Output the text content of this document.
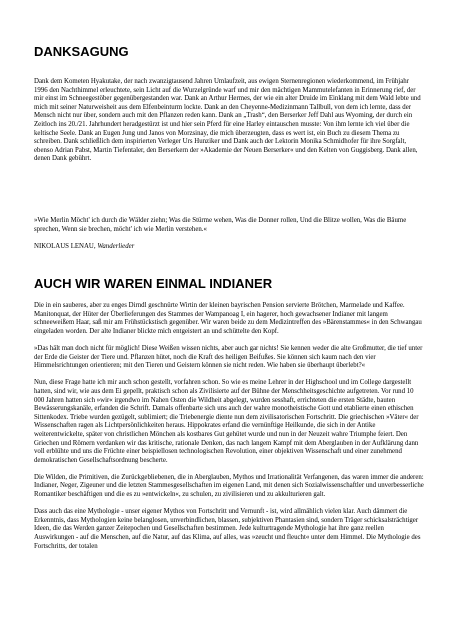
DANKSAGUNG

Dank dem Kometen Hyakutake, der nach zwanzigtausend Jahren Umlaufzeit, aus ewigen Sternenregionen wiederkommend, im Frühjahr 1996 den Nachthimmel erleuchtete, sein Licht auf die Wurzelgründe warf und mir den mächtigen Mammutelefanten in Erinnerung rief, der mir einst im Schneegestöber gegenübergestanden war. Dank an Arthur Hermes, der wie ein alter Druide im Einklang mit dem Wald lebte und mich mit seiner Naturweisheit aus dem Elfenbeinturm lockte. Dank an den Cheyenne-Medizinmann Tallbull, von dem ich lernte, dass der Mensch nicht nur über, sondern auch mit den Pflanzen reden kann. Dank an „Trash“, den Berserker Jeff Dahl aus Wyoming, der durch ein Zeitloch ins 20./21. Jahrhundert heradgestürzt ist und hier sein Pferd für eine Harley eintauschen musste: Von ihm lernte ich viel über die keltische Seele. Dank an Eugen Jung und Janos von Morzsinay, die mich überzeugten, dass es wert ist, ein Buch zu diesem Thema zu schreiben. Dank schließlich dem inspirierten Verleger Urs Hunziker und Dank auch der Lektorin Monika Schmidhofer für ihre Sorgfalt, ebenso Adrian Pabst, Martin Tiefentaler, den Berserkern der »Akademie der Neuen Berserker« und den Kelten von Guggisberg. Dank allen, denen Dank gebührt.

»Wie Merlin Möcht' ich durch die Wälder ziehn; Was die Stürme wehen, Was die Donner rollen, Und die Blitze wollen, Was die Bäume sprechen, Wenn sie brechen, möcht' ich wie Merlin verstehen.«

NIKOLAUS LENAU, Wanderlieder

AUCH WIR WAREN EINMAL INDIANER

Die in ein sauberes, aber zu enges Dirndl geschnürte Wirtin der kleinen bayrischen Pension servierte Brötchen, Marmelade und Kaffee. Manitonquat, der Hüter der Überlieferungen des Stammes der Wampanoag I, ein hagerer, hoch gewachsener Indianer mit langem schneeweißem Haar, saß mir am Frühstückstisch gegenüber. Wir waren beide zu dem Medizintreffen des »Bärenstammes« in den Schwangau eingeladen worden. Der alte Indianer blickte mich entgeistert an und schüttelte den Kopf.

»Das hält man doch nicht für möglich! Diese Weißen wissen nichts, aber auch gar nichts! Sie kennen weder die alte Großmutter, die tief unter der Erde die Geister der Tiere und. Pflanzen hütet, noch die Kraft des heiligen Beifußes. Sie können sich kaum nach den vier Himmelsrichtungen orientieren; mit den Tieren und Geistern können sie nicht reden. Wie haben sie überhaupt überlebt?«

Nun, diese Frage hatte ich mir auch schon gestellt, vorfahren schon. So wie es meine Lehrer in der Highschool und im College dargestellt hatten, sind wir, wie aus dem Ei gepellt, praktisch schon als Zivilisierte auf der Bühne der Menschheitsgeschichte aufgetreten. Vor rund 10 000 Jahren hatten sich »wir« irgendwo im Nahen Osten die Wildheit abgelegt, wurden sesshaft, errichteten die ersten Städte, bauten Bewässerungskanäle, erfanden die Schrift. Damals offenbarte sich uns auch der wahre monotheistische Gott und etablierte einen ethischen Sittenkodex. Triebe wurden gezügelt, sublimiert; die Triebenergie diente nun dem zivilisatorischen Fortschritt. Die griechischen »Väter« der Wissenschaften ragen als Lichtpersönlichkeiten heraus. Hippokrates erfand die vernünftige Heilkunde, die sich in der Antike weiterentwickelte, später von christlichen Mönchen als kostbares Gut gehütet wurde und nun in der Neuzeit wahre Triumphe feiert. Den Griechen und Römern verdanken wir das kritische, rationale Denken, das nach langem Kampf mit dem Aberglauben in der Aufklärung dann voll erblühte und uns die Früchte einer beispiellosen technologischen Revolution, einer objektiven Wissenschaft und einer zunehmend demokratischen Gesellschaftsordnung bescherte.

Die Wilden, die Primitiven, die Zurückgebliebenen, die in Aberglauben, Mythos und Irrationalität Verfangenen, das waren immer die anderen: Indianer, Neger, Zigeuner und die letzten Stammesgesellschaften im eigenen Land, mit denen sich Sozialwissenschaftler und unverbesserliche Romantiker beschäftigen und die es zu »entwickeln«, zu schulen, zu zivilisieren und zu akkulturieren galt.

Dass auch das eine Mythologie - unser eigener Mythos von Fortschritt und Vernunft - ist, wird allmählich vielen klar. Auch dämmert die Erkenntnis, dass Mythologien keine belanglosen, unverbindlichen, blassen, subjektiven Phantasien sind, sondern Träger schicksalsträchtiger Ideen, die das Werden ganzer Zeitepochen und Gesellschaften bestimmen. Jede kulturtragende Mythologie hat ihre ganz reellen Auswirkungen - auf die Menschen, auf die Natur, auf das Klima, auf alles, was »zeucht und fleucht« unter dem Himmel. Die Mythologie des Fortschritts, der totalen
